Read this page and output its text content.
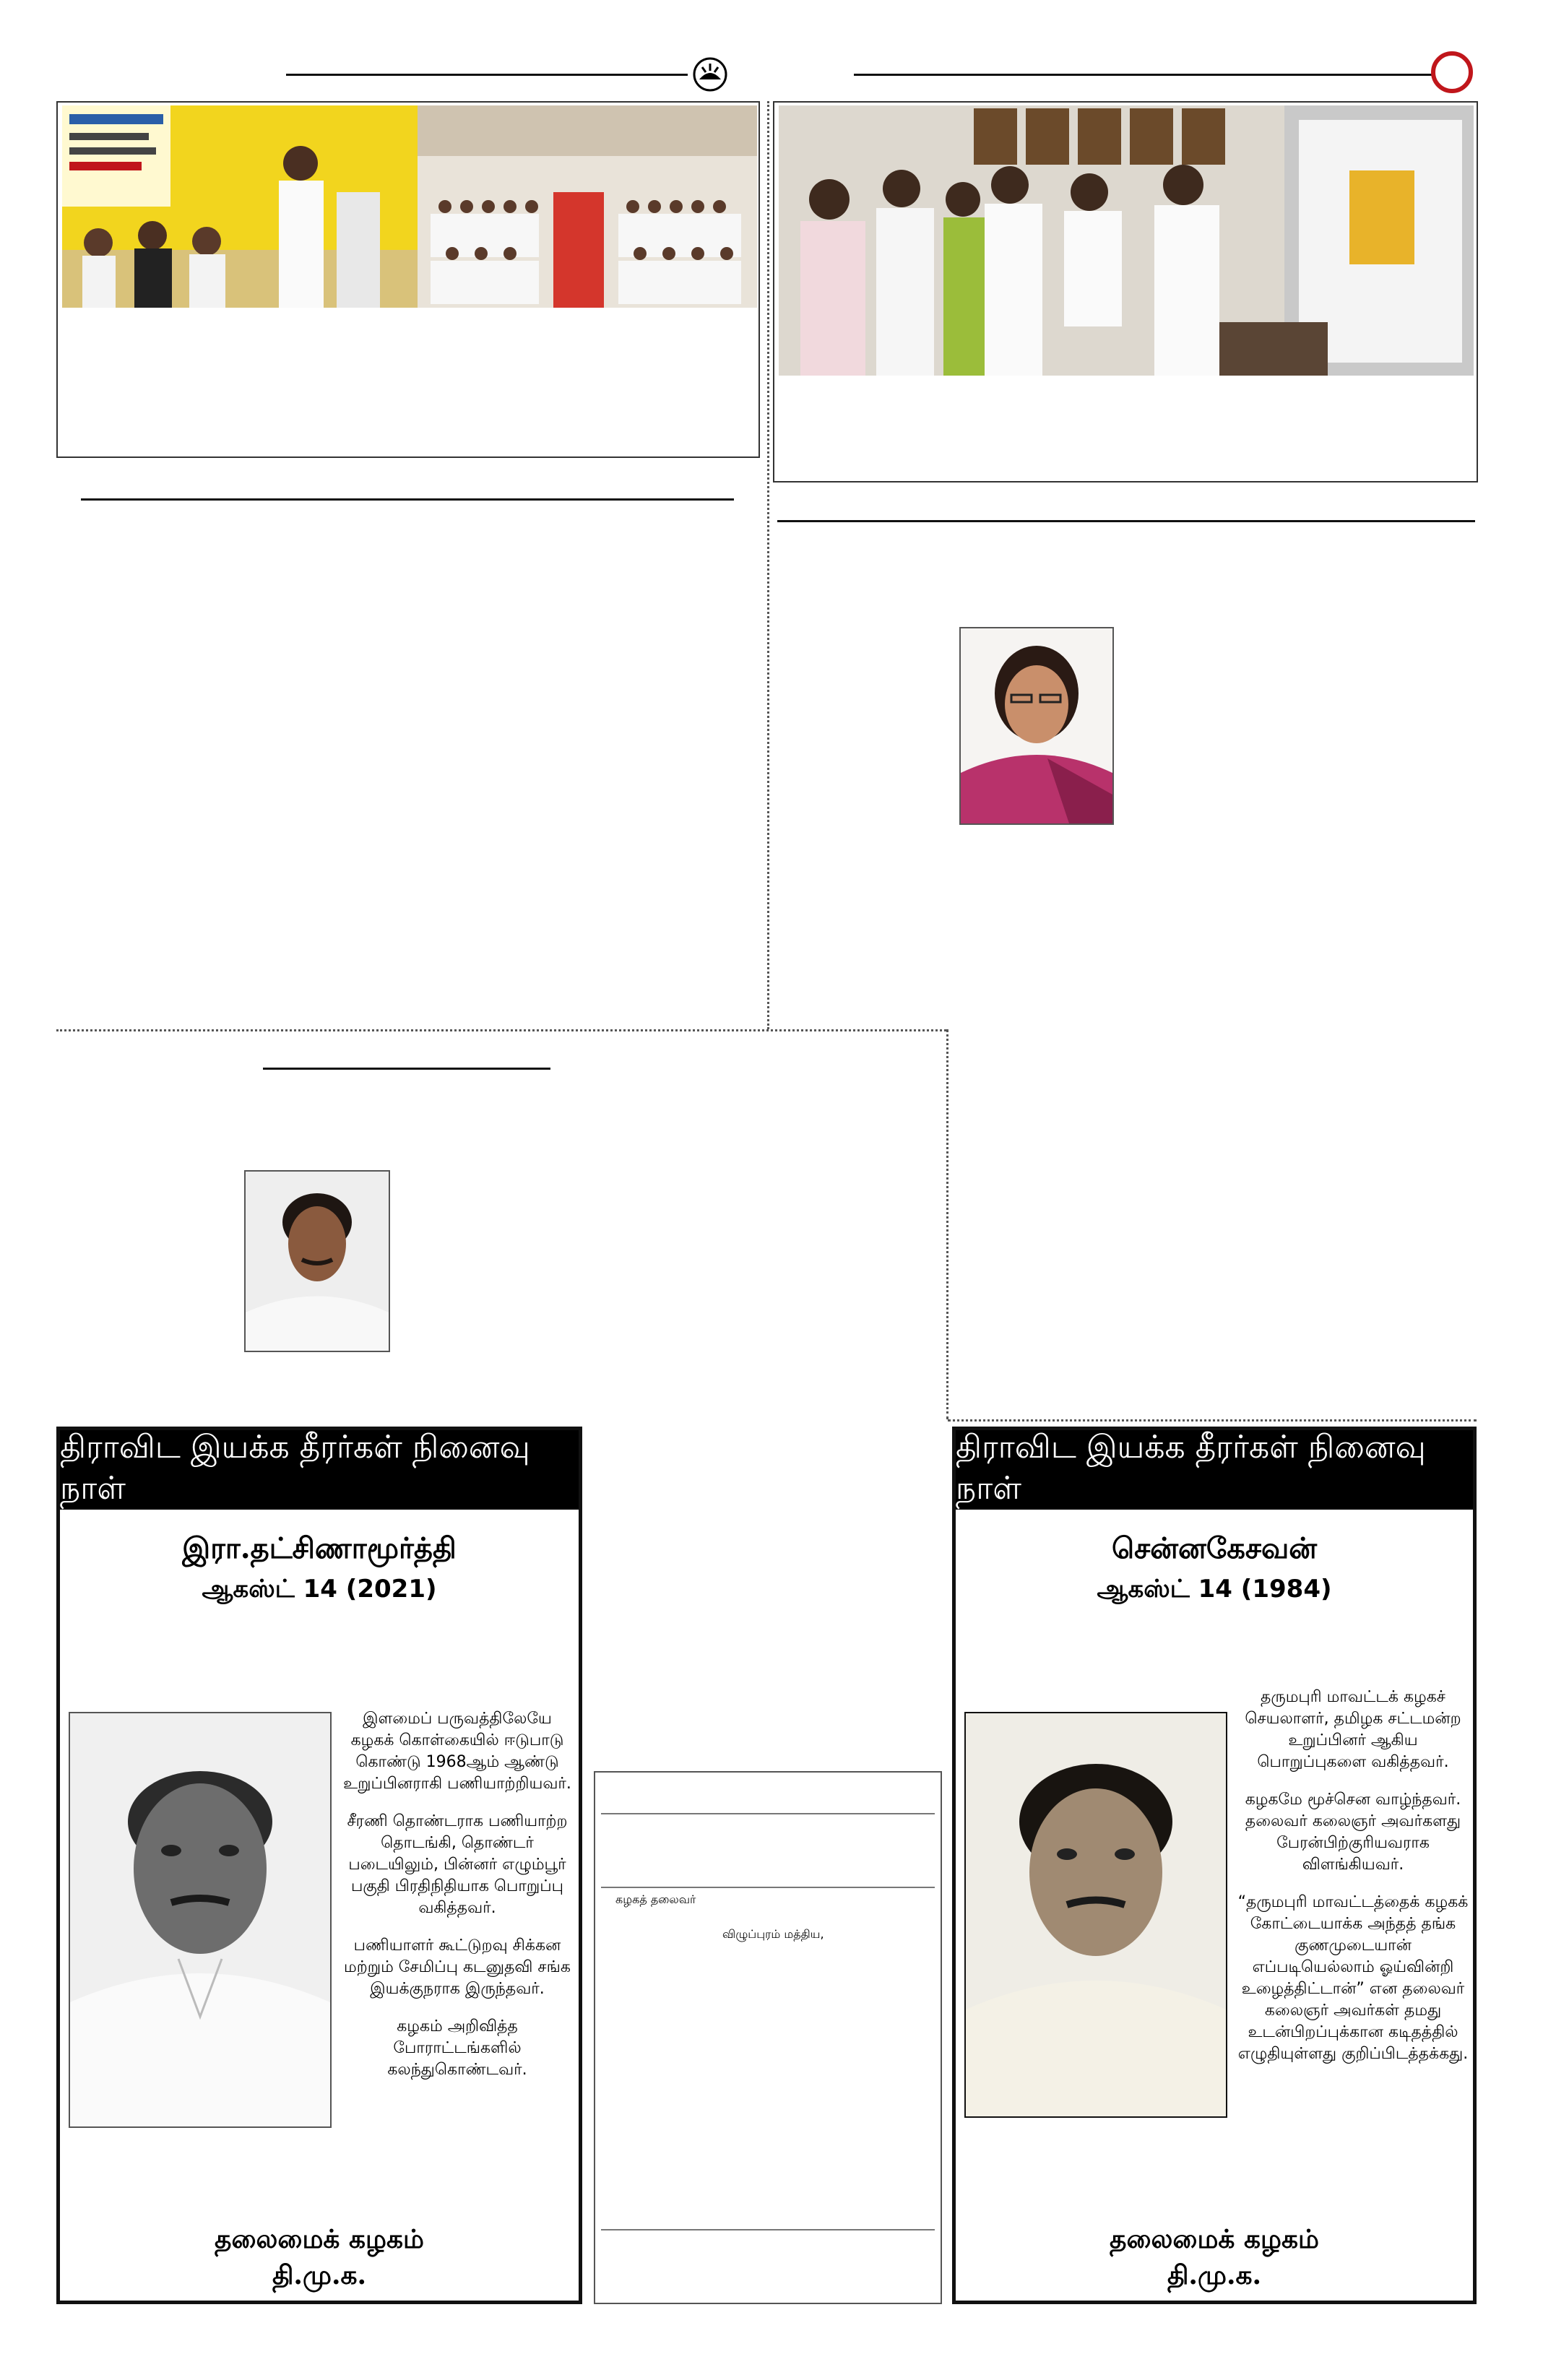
திராவிட இயக்க தீரர்கள் நினைவு நாள்
இரா.தட்சிணாமூர்த்தி
ஆகஸ்ட் 14 (2021)

இளமைப் பருவத்திலேயே கழகக் கொள்கையில் ஈடுபாடு கொண்டு 1968ஆம் ஆண்டு உறுப்பினராகி பணியாற்றியவர்.

சீரணி தொண்டராக பணியாற்ற தொடங்கி, தொண்டர் படையிலும், பின்னர் எழும்பூர் பகுதி பிரதிநிதியாக பொறுப்பு வகித்தவர்.

பணியாளர் கூட்டுறவு சிக்கன மற்றும் சேமிப்பு கடனுதவி சங்க இயக்குநராக இருந்தவர்.

கழகம் அறிவித்த போராட்டங்களில் கலந்துகொண்டவர்.

தலைமைக் கழகம்
தி.மு.க.
கழகத் தலைவர்
விழுப்புரம் மத்திய,
திராவிட இயக்க தீரர்கள் நினைவு நாள்
சென்னகேசவன்
ஆகஸ்ட் 14 (1984)

தருமபுரி மாவட்டக் கழகச் செயலாளர், தமிழக சட்டமன்ற உறுப்பினர் ஆகிய பொறுப்புகளை வகித்தவர்.

கழகமே மூச்சென வாழ்ந்தவர். தலைவர் கலைஞர் அவர்களது பேரன்பிற்குரியவராக விளங்கியவர்.

“தருமபுரி மாவட்டத்தைக் கழகக் கோட்டையாக்க அந்தத் தங்க குணமுடையான் எப்படியெல்லாம் ஓய்வின்றி உழைத்திட்டான்” என தலைவர் கலைஞர் அவர்கள் தமது உடன்பிறப்புக்கான கடிதத்தில் எழுதியுள்ளது குறிப்பிடத்தக்கது.

தலைமைக் கழகம்
தி.மு.க.
